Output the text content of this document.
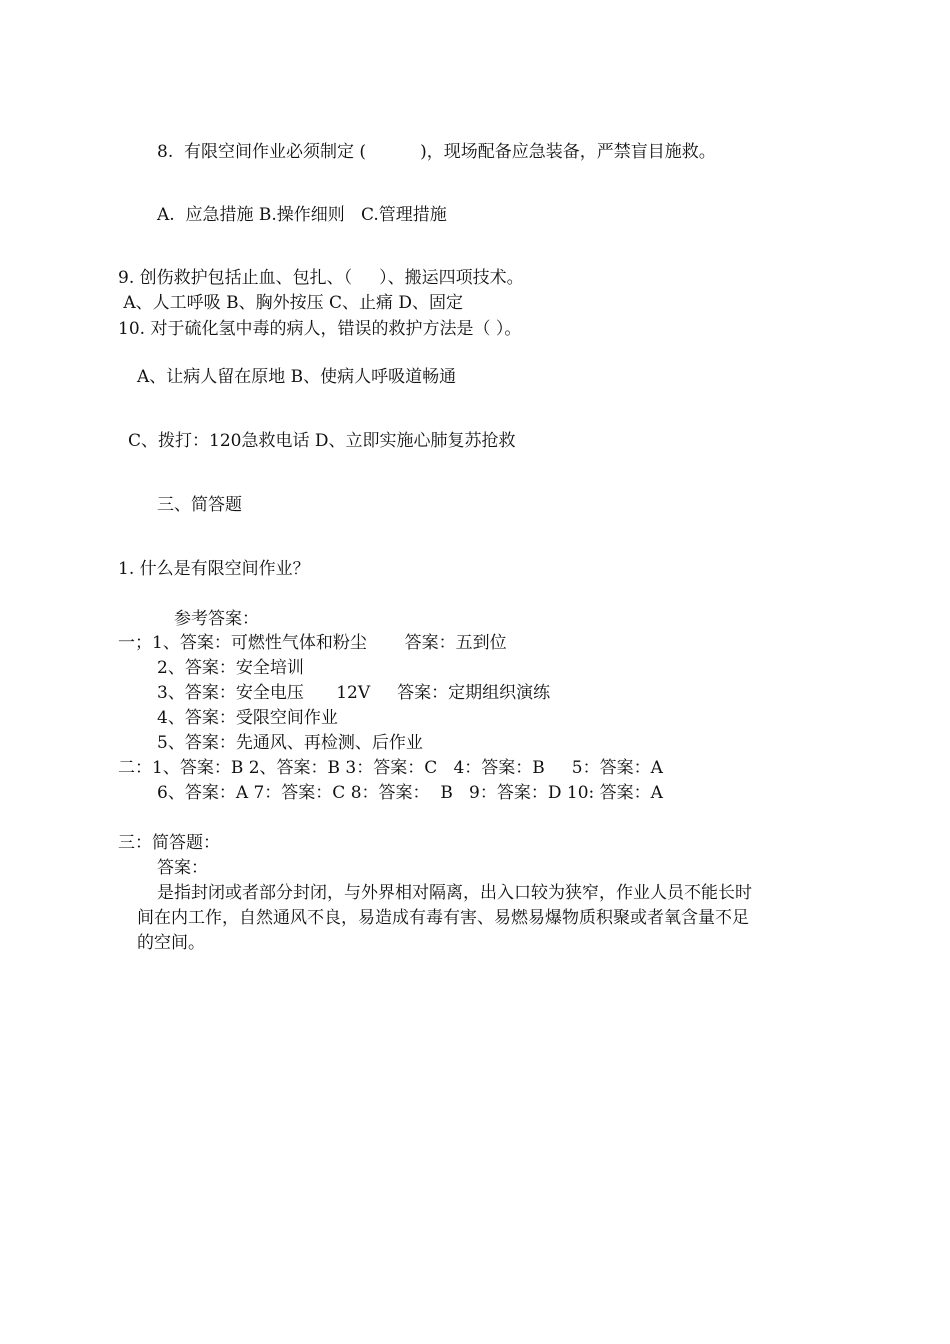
8.  有限空间作业必须制定 (          )，现场配备应急装备，严禁盲目施救。
A.  应急措施 B.操作细则   C.管理措施
9. 创伤救护包括止血、包扎、（     ）、搬运四项技术。
A、人工呼吸 B、胸外按压 C、止痛 D、固定
10. 对于硫化氢中毒的病人，错误的救护方法是（ ）。
A、让病人留在原地 B、使病人呼吸道畅通
C、拨打：120急救电话 D、立即实施心肺复苏抢救
三、简答题
1. 什么是有限空间作业？
参考答案：
一；1、答案：可燃性气体和粉尘       答案：五到位
2、答案：安全培训
3、答案：安全电压      12V     答案：定期组织演练
4、答案：受限空间作业
5、答案：先通风、再检测、后作业
二：1、答案：B 2、答案：B 3：答案：C   4：答案：B     5：答案：A
6、答案：A 7：答案：C 8：答案：  B   9：答案：D 10: 答案：A
三：简答题：
答案：
是指封闭或者部分封闭，与外界相对隔离，出入口较为狭窄，作业人员不能长时
间在内工作，自然通风不良，易造成有毒有害、易燃易爆物质积聚或者氧含量不足
的空间。
